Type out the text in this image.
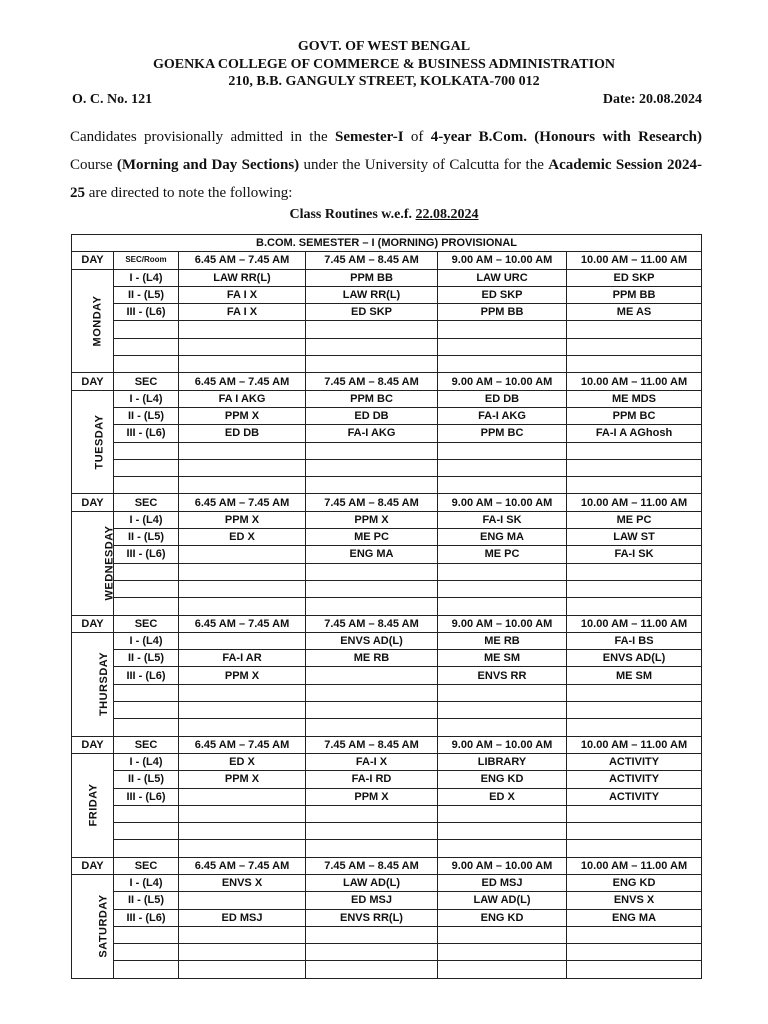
GOVT. OF WEST BENGAL
GOENKA COLLEGE OF COMMERCE & BUSINESS ADMINISTRATION
210, B.B. GANGULY STREET, KOLKATA-700 012
O. C. No. 121	Date: 20.08.2024
Candidates provisionally admitted in the Semester-I of 4-year B.Com. (Honours with Research) Course (Morning and Day Sections) under the University of Calcutta for the Academic Session 2024-25 are directed to note the following:
Class Routines w.e.f. 22.08.2024
B.COM. SEMESTER – I (MORNING) PROVISIONAL					
DAY	SEC/Room	6.45 AM – 7.45 AM	7.45 AM – 8.45 AM	9.00 AM – 10.00 AM	10.00 AM – 11.00 AM
MONDAY	I - (L4)	LAW RR(L)	PPM BB	LAW URC	ED SKP
	II - (L5)	FA I X	LAW RR(L)	ED SKP	PPM BB
	III - (L6)	FA I X	ED SKP	PPM BB	ME AS

DAY	SEC	6.45 AM – 7.45 AM	7.45 AM – 8.45 AM	9.00 AM – 10.00 AM	10.00 AM – 11.00 AM
TUESDAY	I - (L4)	FA I AKG	PPM BC	ED DB	ME MDS
	II - (L5)	PPM X	ED DB	FA-I AKG	PPM BC
	III - (L6)	ED DB	FA-I AKG	PPM BC	FA-I A AGhosh

DAY	SEC	6.45 AM – 7.45 AM	7.45 AM – 8.45 AM	9.00 AM – 10.00 AM	10.00 AM – 11.00 AM
WEDNESDAY	I - (L4)	PPM X	PPM X	FA-I SK	ME PC
	II - (L5)	ED X	ME PC	ENG MA	LAW ST
	III - (L6)		ENG MA	ME PC	FA-I SK

DAY	SEC	6.45 AM – 7.45 AM	7.45 AM – 8.45 AM	9.00 AM – 10.00 AM	10.00 AM – 11.00 AM
THURSDAY	I - (L4)		ENVS AD(L)	ME RB	FA-I BS
	II - (L5)	FA-I AR	ME RB	ME SM	ENVS AD(L)
	III - (L6)	PPM X		ENVS RR	ME SM

DAY	SEC	6.45 AM – 7.45 AM	7.45 AM – 8.45 AM	9.00 AM – 10.00 AM	10.00 AM – 11.00 AM
FRIDAY	I - (L4)	ED X	FA-I X	LIBRARY	ACTIVITY
	II - (L5)	PPM X	FA-I RD	ENG KD	ACTIVITY
	III - (L6)		PPM X	ED X	ACTIVITY

DAY	SEC	6.45 AM – 7.45 AM	7.45 AM – 8.45 AM	9.00 AM – 10.00 AM	10.00 AM – 11.00 AM
SATURDAY	I - (L4)	ENVS X	LAW AD(L)	ED MSJ	ENG KD
	II - (L5)		ED MSJ	LAW AD(L)	ENVS X
	III - (L6)	ED MSJ	ENVS RR(L)	ENG KD	ENG MA
